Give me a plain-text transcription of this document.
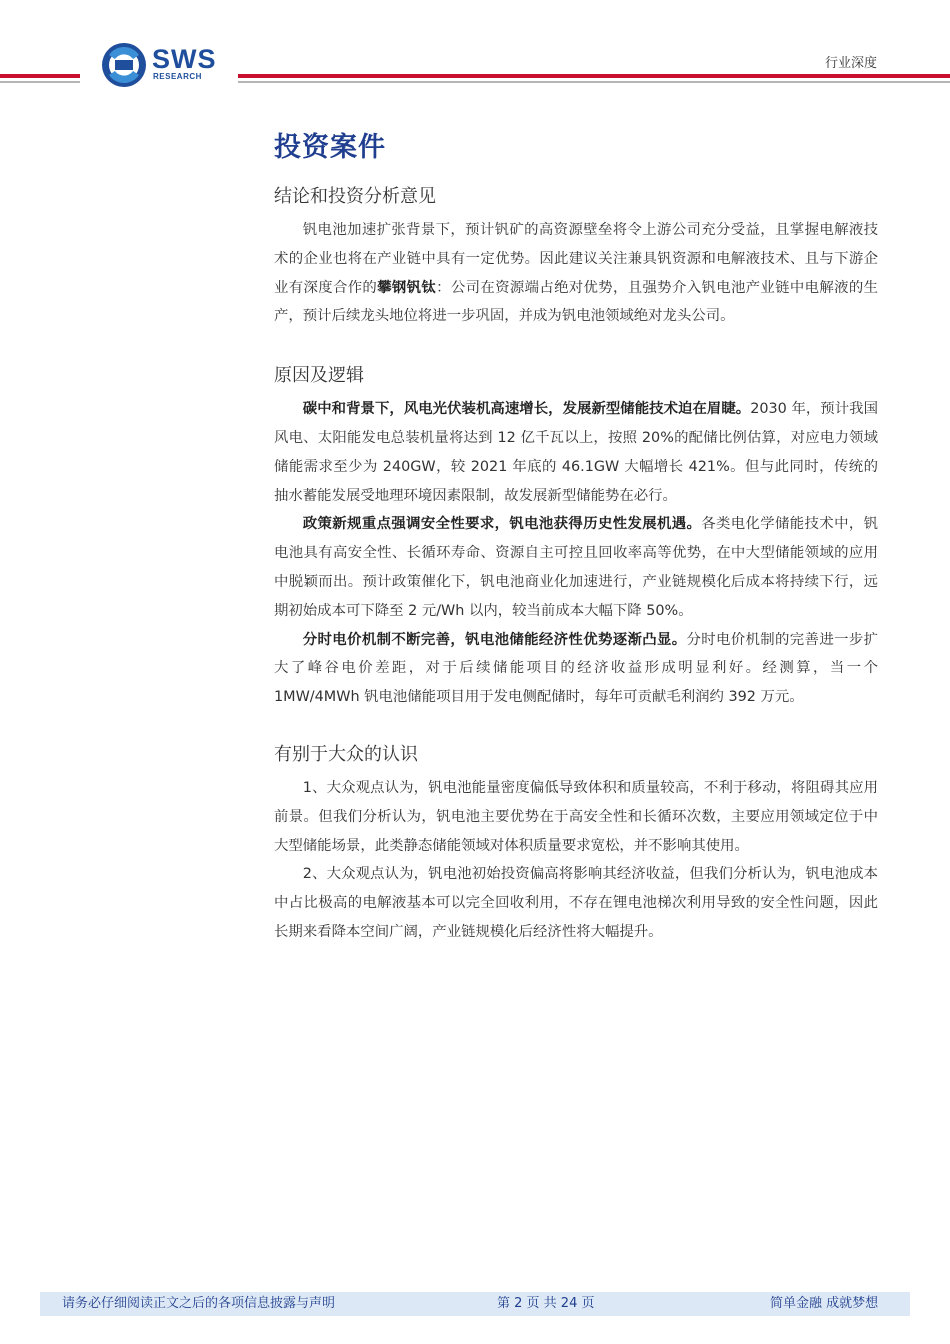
SWS
RESEARCH
行业深度
投资案件
结论和投资分析意见

钒电池加速扩张背景下，预计钒矿的高资源壁垒将令上游公司充分受益，且掌握电解液技术的企业也将在产业链中具有一定优势。因此建议关注兼具钒资源和电解液技术、且与下游企业有深度合作的攀钢钒钛：公司在资源端占绝对优势，且强势介入钒电池产业链中电解液的生产，预计后续龙头地位将进一步巩固，并成为钒电池领域绝对龙头公司。

原因及逻辑

碳中和背景下，风电光伏装机高速增长，发展新型储能技术迫在眉睫。2030 年，预计我国风电、太阳能发电总装机量将达到 12 亿千瓦以上，按照 20%的配储比例估算，对应电力领域储能需求至少为 240GW，较 2021 年底的 46.1GW 大幅增长 421%。但与此同时，传统的抽水蓄能发展受地理环境因素限制，故发展新型储能势在必行。

政策新规重点强调安全性要求，钒电池获得历史性发展机遇。各类电化学储能技术中，钒电池具有高安全性、长循环寿命、资源自主可控且回收率高等优势，在中大型储能领域的应用中脱颖而出。预计政策催化下，钒电池商业化加速进行，产业链规模化后成本将持续下行，远期初始成本可下降至 2 元/Wh 以内，较当前成本大幅下降 50%。

分时电价机制不断完善，钒电池储能经济性优势逐渐凸显。分时电价机制的完善进一步扩大了峰谷电价差距，对于后续储能项目的经济收益形成明显利好。经测算，当一个 1MW/4MWh 钒电池储能项目用于发电侧配储时，每年可贡献毛利润约 392 万元。

有别于大众的认识

1、大众观点认为，钒电池能量密度偏低导致体积和质量较高，不利于移动，将阻碍其应用前景。但我们分析认为，钒电池主要优势在于高安全性和长循环次数，主要应用领域定位于中大型储能场景，此类静态储能领域对体积质量要求宽松，并不影响其使用。

2、大众观点认为，钒电池初始投资偏高将影响其经济收益，但我们分析认为，钒电池成本中占比极高的电解液基本可以完全回收利用，不存在锂电池梯次利用导致的安全性问题，因此长期来看降本空间广阔，产业链规模化后经济性将大幅提升。

请务必仔细阅读正文之后的各项信息披露与声明	第 2 页 共 24 页	简单金融 成就梦想
